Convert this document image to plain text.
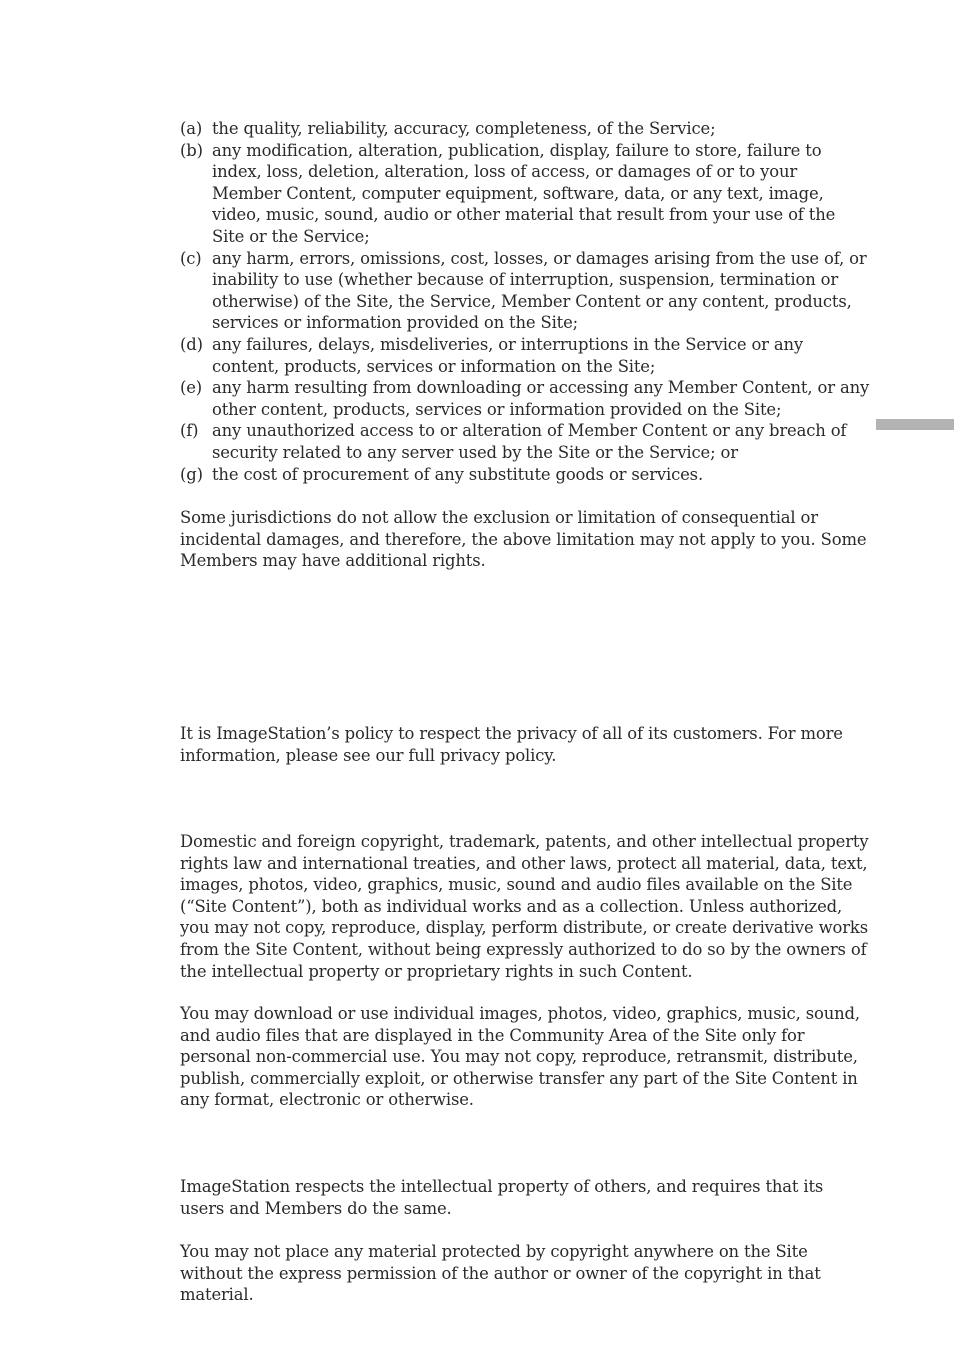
(a) the quality, reliability, accuracy, completeness, of the Service;
(b) any modification, alteration, publication, display, failure to store, failure to index, loss, deletion, alteration, loss of access, or damages of or to your Member Content, computer equipment, software, data, or any text, image, video, music, sound, audio or other material that result from your use of the Site or the Service;
(c) any harm, errors, omissions, cost, losses, or damages arising from the use of, or inability to use (whether because of interruption, suspension, termination or otherwise) of the Site, the Service, Member Content or any content, products, services or information provided on the Site;
(d) any failures, delays, misdeliveries, or interruptions in the Service or any content, products, services or information on the Site;
(e) any harm resulting from downloading or accessing any Member Content, or any other content, products, services or information provided on the Site;
(f) any unauthorized access to or alteration of Member Content or any breach of security related to any server used by the Site or the Service; or
(g) the cost of procurement of any substitute goods or services.

Some jurisdictions do not allow the exclusion or limitation of consequential or incidental damages, and therefore, the above limitation may not apply to you. Some Members may have additional rights.

It is ImageStation’s policy to respect the privacy of all of its customers. For more information, please see our full privacy policy.

Domestic and foreign copyright, trademark, patents, and other intellectual property rights law and international treaties, and other laws, protect all material, data, text, images, photos, video, graphics, music, sound and audio files available on the Site (“Site Content”), both as individual works and as a collection. Unless authorized, you may not copy, reproduce, display, perform distribute, or create derivative works from the Site Content, without being expressly authorized to do so by the owners of the intellectual property or proprietary rights in such Content.

You may download or use individual images, photos, video, graphics, music, sound, and audio files that are displayed in the Community Area of the Site only for personal non-commercial use. You may not copy, reproduce, retransmit, distribute, publish, commercially exploit, or otherwise transfer any part of the Site Content in any format, electronic or otherwise.

ImageStation respects the intellectual property of others, and requires that its users and Members do the same.

You may not place any material protected by copyright anywhere on the Site without the express permission of the author or owner of the copyright in that material.
